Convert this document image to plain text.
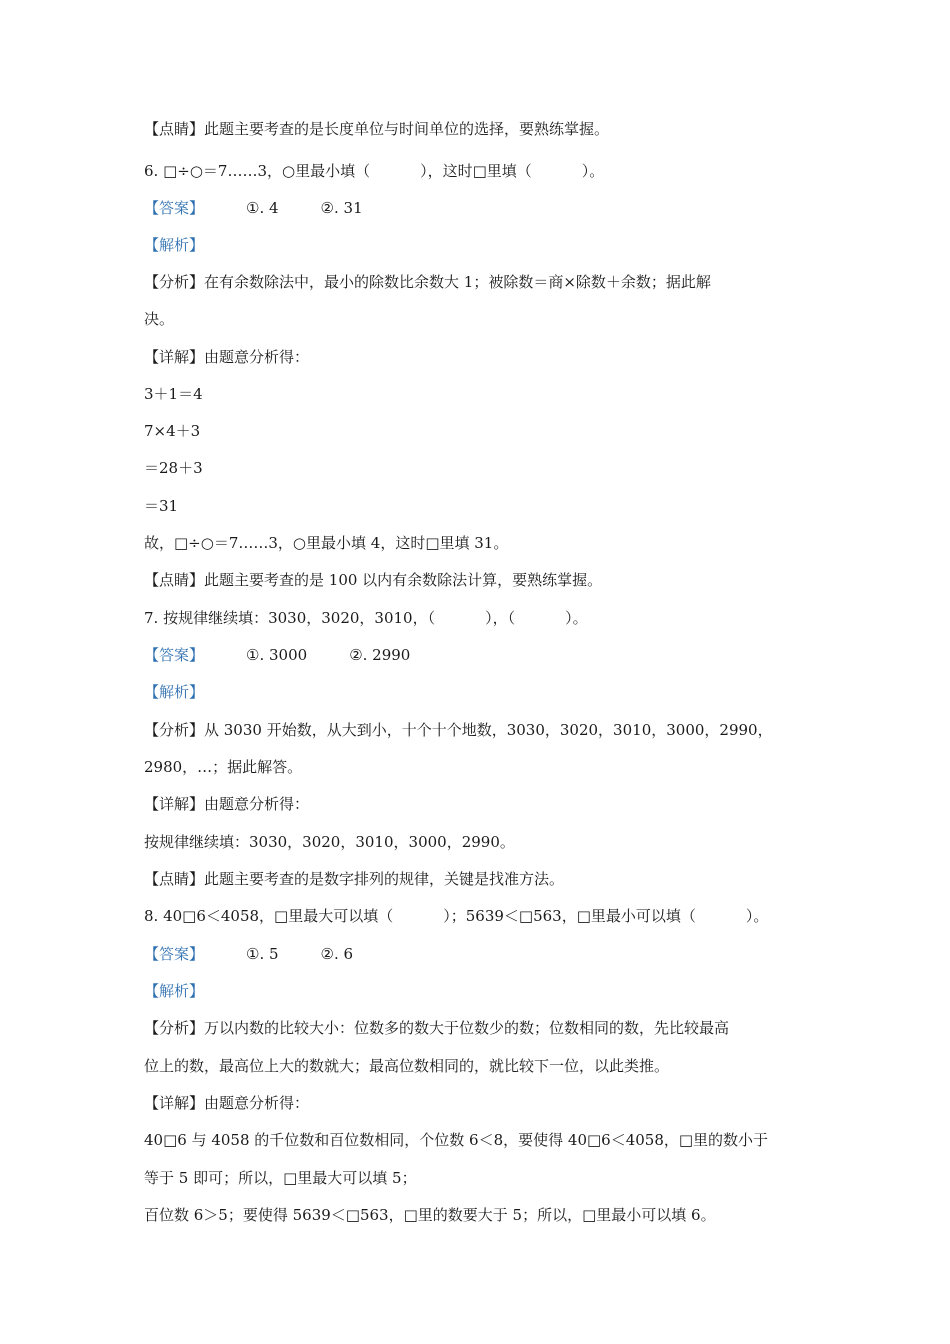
【点睛】此题主要考查的是长度单位与时间单位的选择，要熟练掌握。
6. □÷○＝7……3，○里最小填（	），这时□里填（	）。
【答案】	①. 4	②. 31
【解析】
【分析】在有余数除法中，最小的除数比余数大 1；被除数＝商×除数＋余数；据此解
决。
【详解】由题意分析得：
3＋1＝4
7×4＋3
＝28＋3
＝31
故，□÷○＝7……3，○里最小填 4，这时□里填 31。
【点睛】此题主要考查的是 100 以内有余数除法计算，要熟练掌握。
7. 按规律继续填：3030，3020，3010，（	），（	）。
【答案】	①. 3000	②. 2990
【解析】
【分析】从 3030 开始数，从大到小，十个十个地数，3030，3020，3010，3000，2990，
2980，…；据此解答。
【详解】由题意分析得：
按规律继续填：3030，3020，3010，3000，2990。
【点睛】此题主要考查的是数字排列的规律，关键是找准方法。
8. 40□6＜4058，□里最大可以填（	）；5639＜□563，□里最小可以填（	）。
【答案】	①. 5	②. 6
【解析】
【分析】万以内数的比较大小：位数多的数大于位数少的数；位数相同的数，先比较最高
位上的数，最高位上大的数就大；最高位数相同的，就比较下一位，以此类推。
【详解】由题意分析得：
40□6 与 4058 的千位数和百位数相同，个位数 6＜8，要使得 40□6＜4058，□里的数小于
等于 5 即可；所以，□里最大可以填 5；
百位数 6＞5；要使得 5639＜□563，□里的数要大于 5；所以，□里最小可以填 6。
